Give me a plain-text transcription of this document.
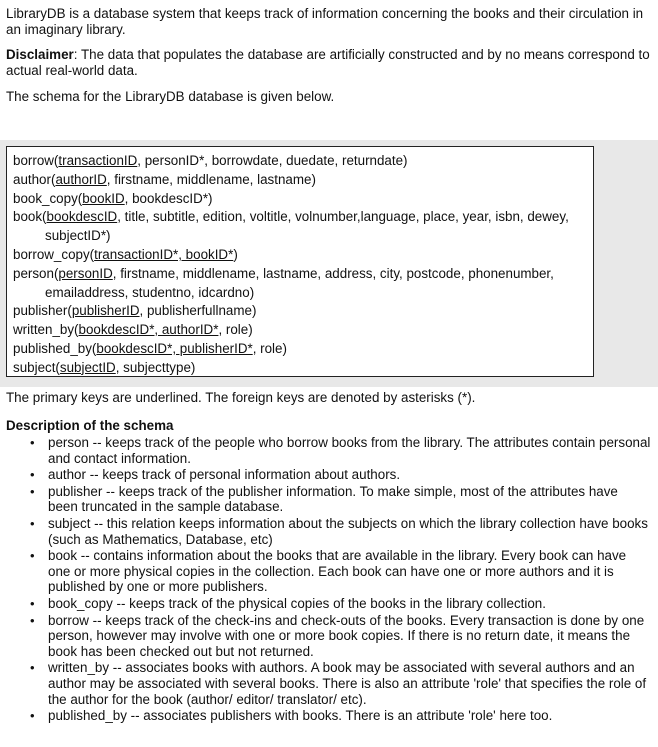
LibraryDB is a database system that keeps track of information concerning the books and their circulation in an imaginary library.

Disclaimer: The data that populates the database are artificially constructed and by no means correspond to actual real-world data.

The schema for the LibraryDB database is given below.

borrow(transactionID, personID*, borrowdate, duedate, returndate)
author(authorID, firstname, middlename, lastname)
book_copy(bookID, bookdescID*)
book(bookdescID, title, subtitle, edition, voltitle, volnumber,language, place, year, isbn, dewey,
subjectID*)
borrow_copy(transactionID*, bookID*)
person(personID, firstname, middlename, lastname, address, city, postcode, phonenumber,
emailaddress, studentno, idcardno)
publisher(publisherID, publisherfullname)
written_by(bookdescID*, authorID*, role)
published_by(bookdescID*, publisherID*, role)
subject(subjectID, subjecttype)

The primary keys are underlined. The foreign keys are denoted by asterisks (*).

Description of the schema

• person -- keeps track of the people who borrow books from the library. The attributes contain personal and contact information.
• author -- keeps track of personal information about authors.
• publisher -- keeps track of the publisher information. To make simple, most of the attributes have been truncated in the sample database.
• subject -- this relation keeps information about the subjects on which the library collection have books (such as Mathematics, Database, etc)
• book -- contains information about the books that are available in the library. Every book can have one or more physical copies in the collection. Each book can have one or more authors and it is published by one or more publishers.
• book_copy -- keeps track of the physical copies of the books in the library collection.
• borrow -- keeps track of the check-ins and check-outs of the books. Every transaction is done by one person, however may involve with one or more book copies. If there is no return date, it means the book has been checked out but not returned.
• written_by -- associates books with authors. A book may be associated with several authors and an author may be associated with several books. There is also an attribute 'role' that specifies the role of the author for the book (author/ editor/ translator/ etc).
• published_by -- associates publishers with books. There is an attribute 'role' here too.
